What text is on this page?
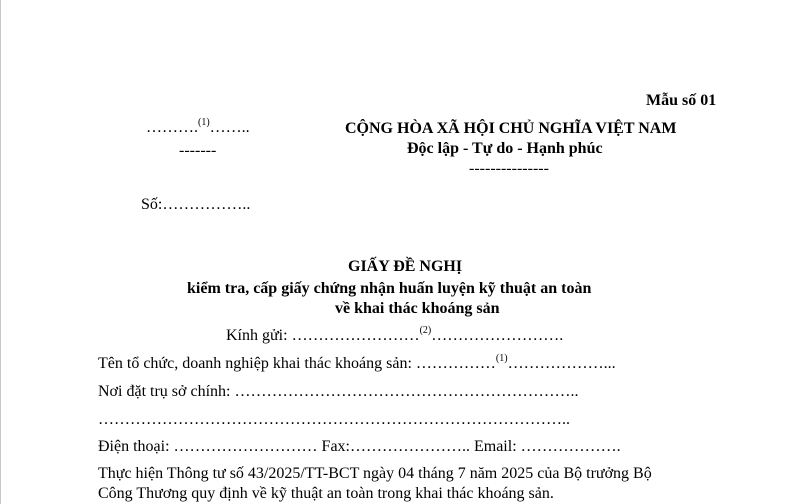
Mẫu số 01
……….$^{(1)}$……..
-------
CỘNG HÒA XÃ HỘI CHỦ NGHĨA VIỆT NAM
Độc lập - Tự do - Hạnh phúc
---------------
Số:……………..
GIẤY ĐỀ NGHỊ
kiểm tra, cấp giấy chứng nhận huấn luyện kỹ thuật an toàn
về khai thác khoáng sản
Kính gửi: ……………………$^{(2)}$…………………….
Tên tổ chức, doanh nghiệp khai thác khoáng sản: ……………$^{(1)}$………………...
Nơi đặt trụ sở chính: ………………………………………………………..
……………………………………………………………………………..
Điện thoại: ……………………… Fax:………………….. Email: ……………….
Thực hiện Thông tư số 43/2025/TT-BCT ngày 04 tháng 7 năm 2025 của Bộ trưởng Bộ
Công Thương quy định về kỹ thuật an toàn trong khai thác khoáng sản.
